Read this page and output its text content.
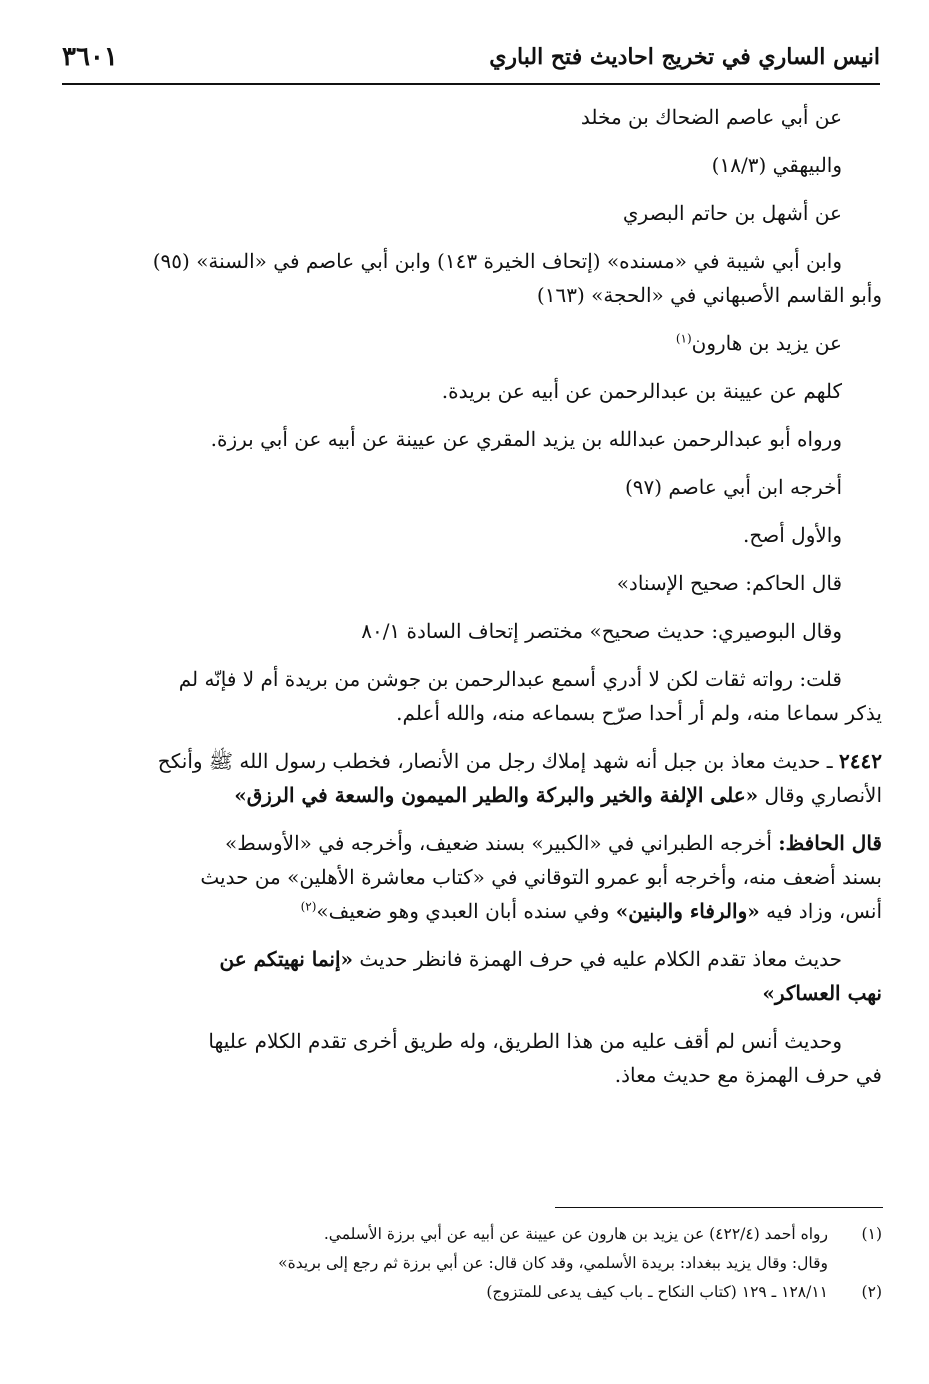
انيس الساري في تخريج احاديث فتح الباري
٣٦٠١

عن أبي عاصم الضحاك بن مخلد

والبيهقي (١٨/٣)

عن أشهل بن حاتم البصري

وابن أبي شيبة في «مسنده» (إتحاف الخيرة ١٤٣) وابن أبي عاصم في «السنة» (٩٥)

وأبو القاسم الأصبهاني في «الحجة» (١٦٣)

عن يزيد بن هارون$^{(١)}$

كلهم عن عيينة بن عبدالرحمن عن أبيه عن بريدة.

ورواه أبو عبدالرحمن عبدالله بن يزيد المقري عن عيينة عن أبيه عن أبي برزة.

أخرجه ابن أبي عاصم (٩٧)

والأول أصح.

قال الحاكم: صحيح الإسناد»

وقال البوصيري: حديث صحيح» مختصر إتحاف السادة ٨٠/١

قلت: رواته ثقات لكن لا أدري أسمع عبدالرحمن بن جوشن من بريدة أم لا فإنّه لم

يذكر سماعا منه، ولم أر أحدا صرّح بسماعه منه، والله أعلم.

٢٤٤٢ ـ حديث معاذ بن جبل أنه شهد إملاك رجل من الأنصار، فخطب رسول الله ﷺ وأنكح

الأنصاري وقال «على الإلفة والخير والبركة والطير الميمون والسعة في الرزق»

قال الحافظ: أخرجه الطبراني في «الكبير» بسند ضعيف، وأخرجه في «الأوسط»

بسند أضعف منه، وأخرجه أبو عمرو التوقاني في «كتاب معاشرة الأهلين» من حديث

أنس، وزاد فيه «والرفاء والبنين» وفي سنده أبان العبدي وهو ضعيف»$^{(٢)}$

حديث معاذ تقدم الكلام عليه في حرف الهمزة فانظر حديث «إنما نهيتكم عن

نهب العساكر»

وحديث أنس لم أقف عليه من هذا الطريق، وله طريق أخرى تقدم الكلام عليها

في حرف الهمزة مع حديث معاذ.

(١)رواه أحمد (٤٢٢/٤) عن يزيد بن هارون عن عيينة عن أبيه عن أبي برزة الأسلمي.

وقال: وقال يزيد ببغداد: بريدة الأسلمي، وقد كان قال: عن أبي برزة ثم رجع إلى بريدة»

(٢)١٢٨/١١ ـ ١٢٩ (كتاب النكاح ـ باب كيف يدعى للمتزوج)
